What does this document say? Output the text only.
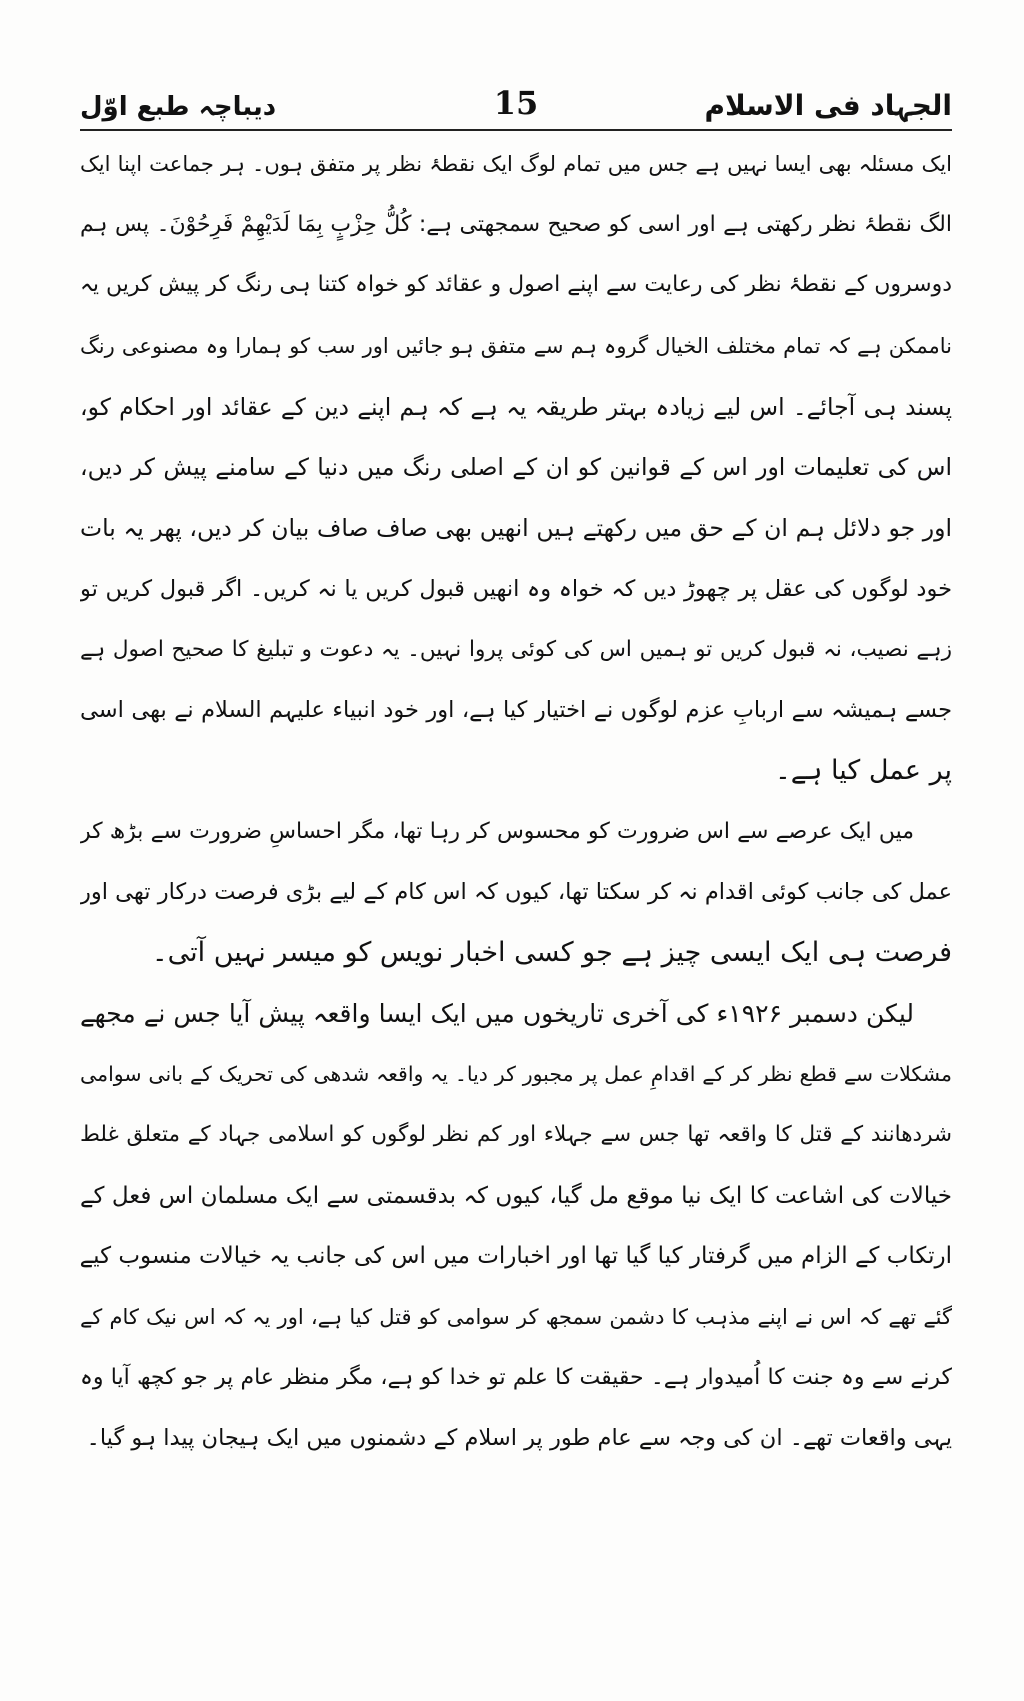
الجہاد فی الاسلام
15
دیباچہ طبع اوّل
ایک مسئلہ بھی ایسا نہیں ہے جس میں تمام لوگ ایک نقطۂ نظر پر متفق ہوں۔ ہر جماعت اپنا ایک
الگ نقطۂ نظر رکھتی ہے اور اسی کو صحیح سمجھتی ہے: کُلُّ حِزْبٍ بِمَا لَدَیْهِمْ فَرِحُوْنَ۔ پس ہم
دوسروں کے نقطۂ نظر کی رعایت سے اپنے اصول و عقائد کو خواہ کتنا ہی رنگ کر پیش کریں یہ
ناممکن ہے کہ تمام مختلف الخیال گروہ ہم سے متفق ہو جائیں اور سب کو ہمارا وہ مصنوعی رنگ
پسند ہی آجائے۔ اس لیے زیادہ بہتر طریقہ یہ ہے کہ ہم اپنے دین کے عقائد اور احکام کو،
اس کی تعلیمات اور اس کے قوانین کو ان کے اصلی رنگ میں دنیا کے سامنے پیش کر دیں،
اور جو دلائل ہم ان کے حق میں رکھتے ہیں انھیں بھی صاف صاف بیان کر دیں، پھر یہ بات
خود لوگوں کی عقل پر چھوڑ دیں کہ خواہ وہ انھیں قبول کریں یا نہ کریں۔ اگر قبول کریں تو
زہے نصیب، نہ قبول کریں تو ہمیں اس کی کوئی پروا نہیں۔ یہ دعوت و تبلیغ کا صحیح اصول ہے
جسے ہمیشہ سے اربابِ عزم لوگوں نے اختیار کیا ہے، اور خود انبیاء علیہم السلام نے بھی اسی
پر عمل کیا ہے۔
میں ایک عرصے سے اس ضرورت کو محسوس کر رہا تھا، مگر احساسِ ضرورت سے بڑھ کر
عمل کی جانب کوئی اقدام نہ کر سکتا تھا، کیوں کہ اس کام کے لیے بڑی فرصت درکار تھی اور
فرصت ہی ایک ایسی چیز ہے جو کسی اخبار نویس کو میسر نہیں آتی۔
لیکن دسمبر ۱۹۲۶ء کی آخری تاریخوں میں ایک ایسا واقعہ پیش آیا جس نے مجھے
مشکلات سے قطع نظر کر کے اقدامِ عمل پر مجبور کر دیا۔ یہ واقعہ شدھی کی تحریک کے بانی سوامی
شردھانند کے قتل کا واقعہ تھا جس سے جہلاء اور کم نظر لوگوں کو اسلامی جہاد کے متعلق غلط
خیالات کی اشاعت کا ایک نیا موقع مل گیا، کیوں کہ بدقسمتی سے ایک مسلمان اس فعل کے
ارتکاب کے الزام میں گرفتار کیا گیا تھا اور اخبارات میں اس کی جانب یہ خیالات منسوب کیے
گئے تھے کہ اس نے اپنے مذہب کا دشمن سمجھ کر سوامی کو قتل کیا ہے، اور یہ کہ اس نیک کام کے
کرنے سے وہ جنت کا اُمیدوار ہے۔ حقیقت کا علم تو خدا کو ہے، مگر منظر عام پر جو کچھ آیا وہ
یہی واقعات تھے۔ ان کی وجہ سے عام طور پر اسلام کے دشمنوں میں ایک ہیجان پیدا ہو گیا۔
